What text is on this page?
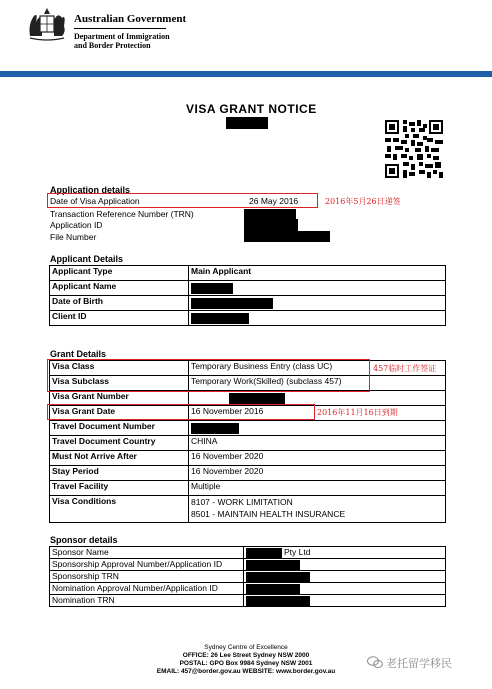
Australian Government
Department of Immigration
and Border Protection
VISA GRANT NOTICE
Application details
Date of Visa Application	26 May 2016	2016年5月26日递签
Transaction Reference Number (TRN)
Application ID
File Number
Applicant Details
Applicant Type	Main Applicant
Applicant Name	

Date of Birth	

Client ID	
Grant Details
Visa Class	Temporary Business Entry (class UC)
Visa Subclass	Temporary Work(Skilled) (subclass 457)
Visa Grant Number	

Visa Grant Date	16 November 2016
Travel Document Number	

Travel Document Country	CHINA
Must Not Arrive After	16 November 2020
Stay Period	16 November 2020
Travel Facility	Multiple
Visa Conditions	8107 - WORK LIMITATION
8501 - MAINTAIN HEALTH INSURANCE
457临时工作签证
2016年11月16日到期
Sponsor details
Sponsor Name	Pty Ltd
Sponsorship Approval Number/Application ID	

Sponsorship TRN	

Nomination Approval Number/Application ID	

Nomination TRN	
Sydney Centre of Excellence
OFFICE: 26 Lee Street Sydney NSW 2000
POSTAL: GPO Box 9984 Sydney NSW 2001
EMAIL: 457@border.gov.au WEBSITE: www.border.gov.au
老托留学移民
